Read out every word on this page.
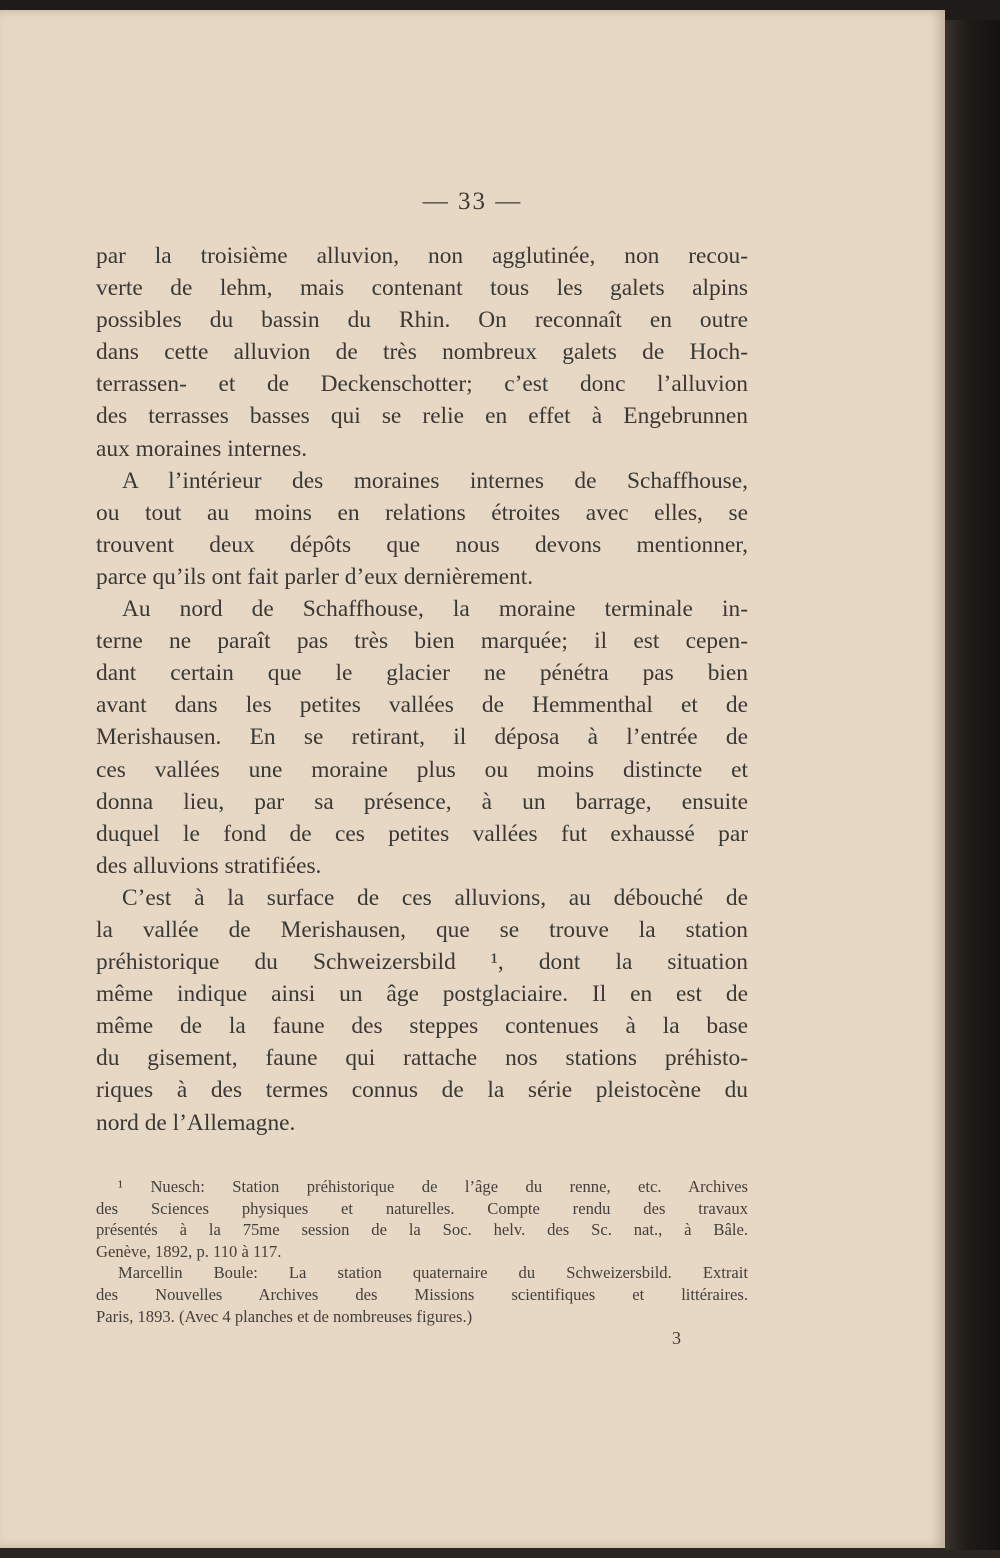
— 33 —
par la troisième alluvion, non agglutinée, non recou-
verte de lehm, mais contenant tous les galets alpins
possibles du bassin du Rhin. On reconnaît en outre
dans cette alluvion de très nombreux galets de Hoch-
terrassen- et de Deckenschotter; c’est donc l’alluvion
des terrasses basses qui se relie en effet à Engebrunnen
aux moraines internes.
A l’intérieur des moraines internes de Schaffhouse,
ou tout au moins en relations étroites avec elles, se
trouvent deux dépôts que nous devons mentionner,
parce qu’ils ont fait parler d’eux dernièrement.
Au nord de Schaffhouse, la moraine terminale in-
terne ne paraît pas très bien marquée; il est cepen-
dant certain que le glacier ne pénétra pas bien
avant dans les petites vallées de Hemmenthal et de
Merishausen. En se retirant, il déposa à l’entrée de
ces vallées une moraine plus ou moins distincte et
donna lieu, par sa présence, à un barrage, ensuite
duquel le fond de ces petites vallées fut exhaussé par
des alluvions stratifiées.
C’est à la surface de ces alluvions, au débouché de
la vallée de Merishausen, que se trouve la station
préhistorique du Schweizersbild ¹, dont la situation
même indique ainsi un âge postglaciaire. Il en est de
même de la faune des steppes contenues à la base
du gisement, faune qui rattache nos stations préhisto-
riques à des termes connus de la série pleistocène du
nord de l’Allemagne.
¹ Nuesch: Station préhistorique de l’âge du renne, etc. Archives
des Sciences physiques et naturelles. Compte rendu des travaux
présentés à la 75me session de la Soc. helv. des Sc. nat., à Bâle.
Genève, 1892, p. 110 à 117.
Marcellin Boule: La station quaternaire du Schweizersbild. Extrait
des Nouvelles Archives des Missions scientifiques et littéraires.
Paris, 1893. (Avec 4 planches et de nombreuses figures.)
3
